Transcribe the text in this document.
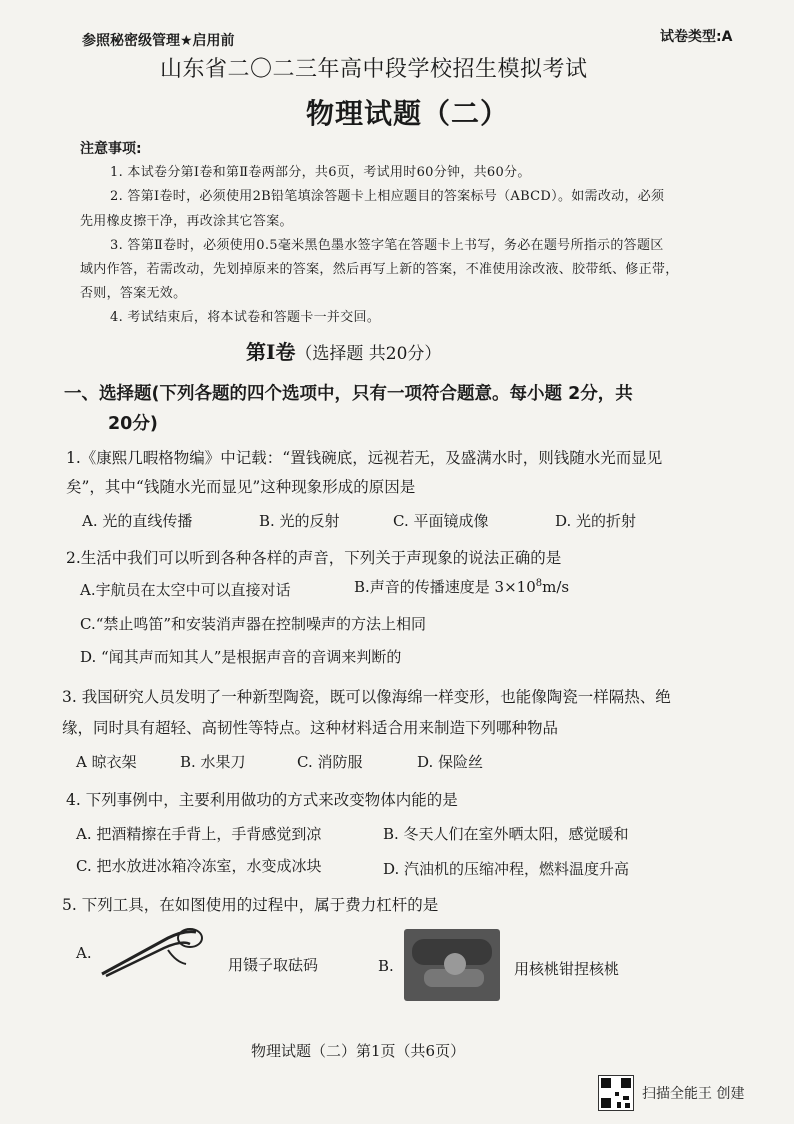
参照秘密级管理★启用前	试卷类型:A
山东省二〇二三年高中段学校招生模拟考试
物理试题（二）
注意事项:
1. 本试卷分第Ⅰ卷和第Ⅱ卷两部分，共6页，考试用时60分钟，共60分。
2. 答第Ⅰ卷时，必须使用2B铅笔填涂答题卡上相应题目的答案标号（ABCD）。如需改动，必须
先用橡皮擦干净，再改涂其它答案。
3. 答第Ⅱ卷时，必须使用0.5毫米黑色墨水签字笔在答题卡上书写，务必在题号所指示的答题区
域内作答，若需改动，先划掉原来的答案，然后再写上新的答案，不准使用涂改液、胶带纸、修正带，
否则，答案无效。
4. 考试结束后，将本试卷和答题卡一并交回。
第Ⅰ卷（选择题 共20分）
一、选择题(下列各题的四个选项中，只有一项符合题意。每小题 2分，共
20分)
1.《康熙几暇格物编》中记载：“置钱碗底，远视若无，及盛满水时，则钱随水光而显见
矣”，其中“钱随水光而显见”这种现象形成的原因是
A. 光的直线传播	B. 光的反射	C. 平面镜成像	D. 光的折射
2.生活中我们可以听到各种各样的声音，下列关于声现象的说法正确的是
A.宇航员在太空中可以直接对话	B.声音的传播速度是 $3\times 10^8m/s$
C.“禁止鸣笛”和安装消声器在控制噪声的方法上相同
D. “闻其声而知其人”是根据声音的音调来判断的
3. 我国研究人员发明了一种新型陶瓷，既可以像海绵一样变形，也能像陶瓷一样隔热、绝
缘，同时具有超轻、高韧性等特点。这种材料适合用来制造下列哪种物品
A 晾衣架	B. 水果刀	C. 消防服	D. 保险丝
4. 下列事例中，主要利用做功的方式来改变物体内能的是
A. 把酒精擦在手背上，手背感觉到凉	B. 冬天人们在室外晒太阳，感觉暖和
C. 把水放进冰箱冷冻室，水变成冰块	D. 汽油机的压缩冲程，燃料温度升高
5. 下列工具，在如图使用的过程中，属于费力杠杆的是
A.
用镊子取砝码	B.	用核桃钳捏核桃
物理试题（二）第1页（共6页）
扫描全能王 创建
